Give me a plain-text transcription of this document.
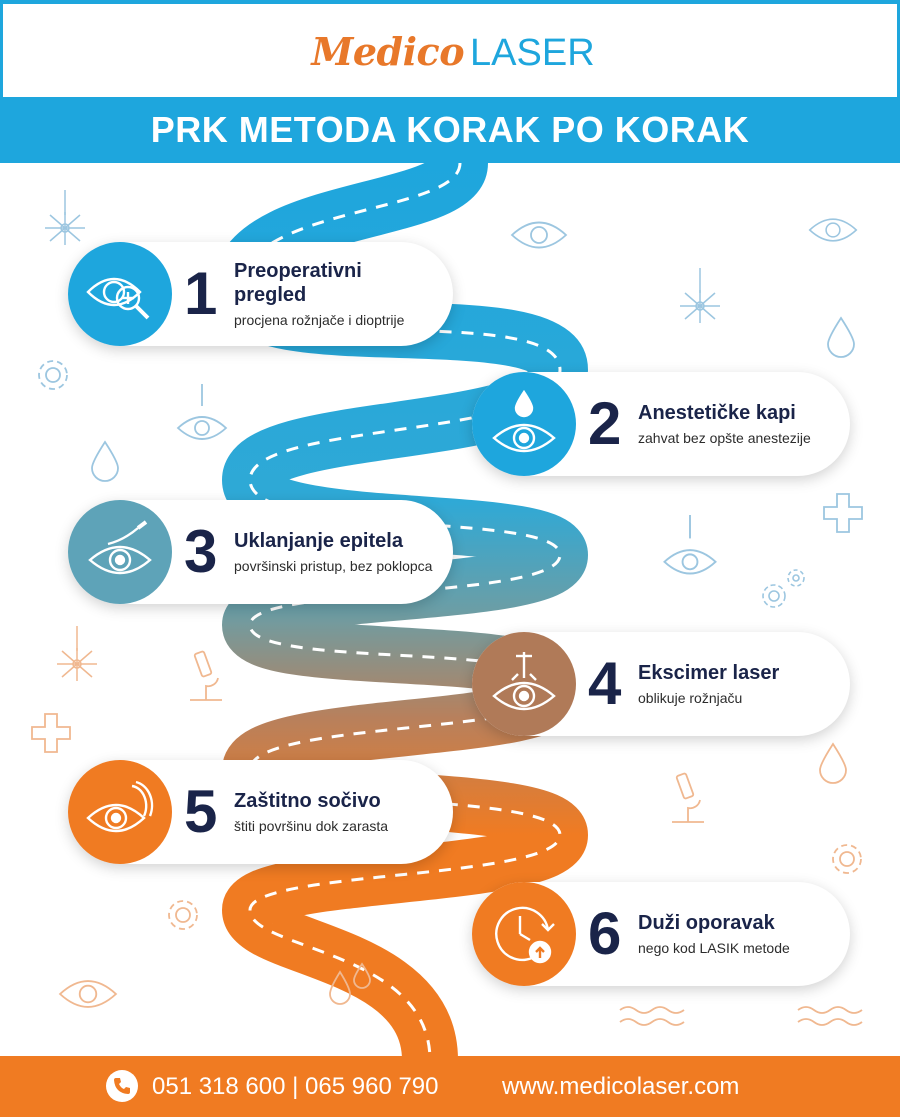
Medico LASER
PRK METODA KORAK PO KORAK
1 Preoperativni pregled
procjena rožnjače i dioptrije
2 Anestetičke kapi
zahvat bez opšte anestezije
3 Uklanjanje epitela
površinski pristup, bez poklopca
4 Ekscimer laser
oblikuje rožnjaču
5 Zaštitno sočivo
štiti površinu dok zarasta
6 Duži oporavak
nego kod LASIK metode
051 318 600 | 065 960 790	www.medicolaser.com
